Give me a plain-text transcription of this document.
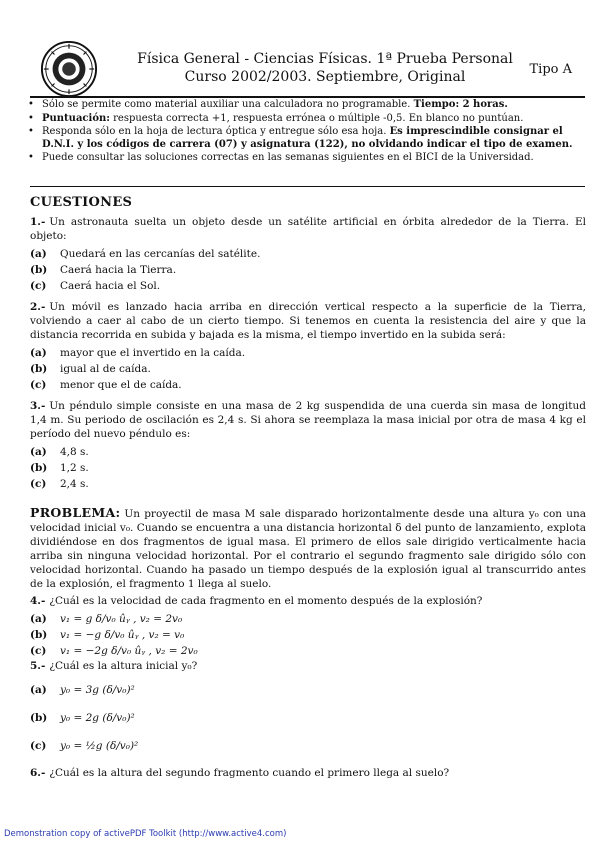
Física General - Ciencias Físicas. 1ª Prueba Personal
Curso 2002/2003. Septiembre, Original	Tipo A
• Sólo se permite como material auxiliar una calculadora no programable. Tiempo: 2 horas.
• Puntuación: respuesta correcta +1, respuesta errónea o múltiple -0,5. En blanco no puntúan.
• Responda sólo en la hoja de lectura óptica y entregue sólo esa hoja. Es imprescindible consignar el D.N.I. y los códigos de carrera (07) y asignatura (122), no olvidando indicar el tipo de examen.
• Puede consultar las soluciones correctas en las semanas siguientes en el BICI de la Universidad.
CUESTIONES
1.- Un astronauta suelta un objeto desde un satélite artificial en órbita alrededor de la Tierra. El objeto:
(a)	Quedará en las cercanías del satélite.
(b)	Caerá hacia la Tierra.
(c)	Caerá hacia el Sol.
2.- Un móvil es lanzado hacia arriba en dirección vertical respecto a la superficie de la Tierra, volviendo a caer al cabo de un cierto tiempo. Si tenemos en cuenta la resistencia del aire y que la distancia recorrida en subida y bajada es la misma, el tiempo invertido en la subida será:
(a)	mayor que el invertido en la caída.
(b)	igual al de caída.
(c)	menor que el de caída.
3.- Un péndulo simple consiste en una masa de 2 kg suspendida de una cuerda sin masa de longitud 1,4 m. Su periodo de oscilación es 2,4 s. Si ahora se reemplaza la masa inicial por otra de masa 4 kg el período del nuevo péndulo es:
(a)	4,8 s.
(b)	1,2 s.
(c)	2,4 s.
PROBLEMA: Un proyectil de masa M sale disparado horizontalmente desde una altura y₀ con una velocidad inicial v₀. Cuando se encuentra a una distancia horizontal δ del punto de lanzamiento, explota dividiéndose en dos fragmentos de igual masa. El primero de ellos sale dirigido verticalmente hacia arriba sin ninguna velocidad horizontal. Por el contrario el segundo fragmento sale dirigido sólo con velocidad horizontal. Cuando ha pasado un tiempo después de la explosión igual al transcurrido antes de la explosión, el fragmento 1 llega al suelo.
4.- ¿Cuál es la velocidad de cada fragmento en el momento después de la explosión?
(a)	v₁ = g δ/v₀ ûᵧ , v₂ = 2v₀
(b)	v₁ = −g δ/v₀ ûᵧ , v₂ = v₀
(c)	v₁ = −2g δ/v₀ ûᵧ , v₂ = 2v₀
5.- ¿Cuál es la altura inicial y₀?
(a)	y₀ = 3g (δ/v₀)²
(b)	y₀ = 2g (δ/v₀)²
(c)	y₀ = ½g (δ/v₀)²
6.- ¿Cuál es la altura del segundo fragmento cuando el primero llega al suelo?
Demonstration copy of activePDF Toolkit (http://www.active4.com)
